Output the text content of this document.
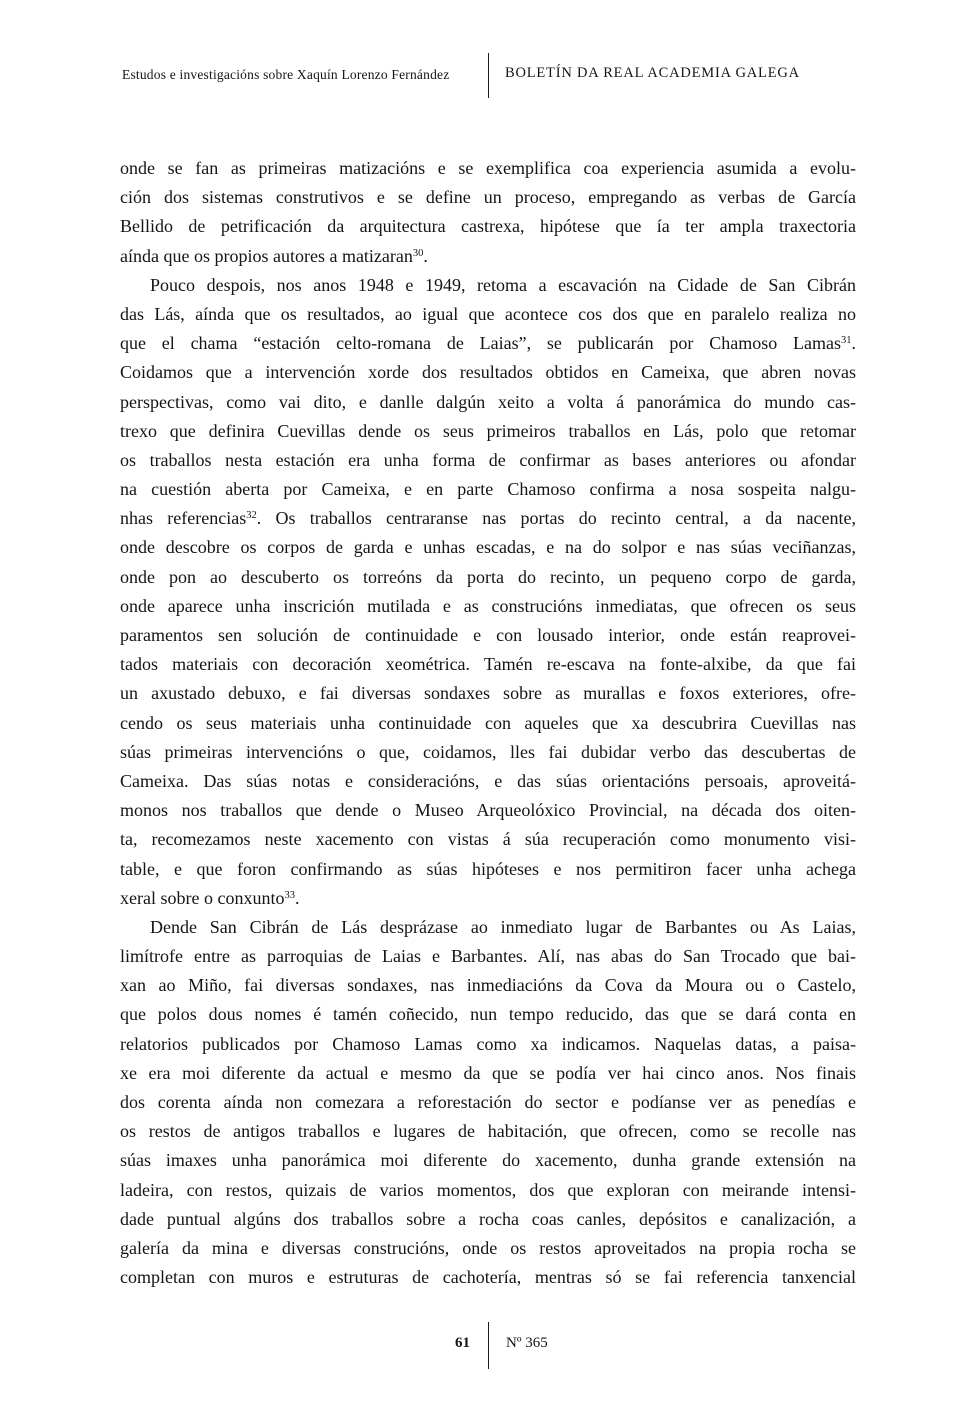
Estudos e investigacións sobre Xaquín Lorenzo Fernández	BOLETÍN DA REAL ACADEMIA GALEGA
onde se fan as primeiras matizacións e se exemplifica coa experiencia asumida a evolu-
ción dos sistemas construtivos e se define un proceso, empregando as verbas de García
Bellido de petrificación da arquitectura castrexa, hipótese que ía ter ampla traxectoria
aínda que os propios autores a matizaran$^{30}$.
Pouco despois, nos anos 1948 e 1949, retoma a escavación na Cidade de San Cibrán
das Lás, aínda que os resultados, ao igual que acontece cos dos que en paralelo realiza no
que el chama “estación celto-romana de Laias”, se publicarán por Chamoso Lamas$^{31}$.
Coidamos que a intervención xorde dos resultados obtidos en Cameixa, que abren novas
perspectivas, como vai dito, e danlle dalgún xeito a volta á panorámica do mundo cas-
trexo que definira Cuevillas dende os seus primeiros traballos en Lás, polo que retomar
os traballos nesta estación era unha forma de confirmar as bases anteriores ou afondar
na cuestión aberta por Cameixa, e en parte Chamoso confirma a nosa sospeita nalgu-
nhas referencias$^{32}$. Os traballos centraranse nas portas do recinto central, a da nacente,
onde descobre os corpos de garda e unhas escadas, e na do solpor e nas súas veciñanzas,
onde pon ao descuberto os torreóns da porta do recinto, un pequeno corpo de garda,
onde aparece unha inscrición mutilada e as construcións inmediatas, que ofrecen os seus
paramentos sen solución de continuidade e con lousado interior, onde están reaprovei-
tados materiais con decoración xeométrica. Tamén re-escava na fonte-alxibe, da que fai
un axustado debuxo, e fai diversas sondaxes sobre as murallas e foxos exteriores, ofre-
cendo os seus materiais unha continuidade con aqueles que xa descubrira Cuevillas nas
súas primeiras intervencións o que, coidamos, lles fai dubidar verbo das descubertas de
Cameixa. Das súas notas e consideracións, e das súas orientacións persoais, aproveitá-
monos nos traballos que dende o Museo Arqueolóxico Provincial, na década dos oiten-
ta, recomezamos neste xacemento con vistas á súa recuperación como monumento visi-
table, e que foron confirmando as súas hipóteses e nos permitiron facer unha achega
xeral sobre o conxunto$^{33}$.
Dende San Cibrán de Lás desprázase ao inmediato lugar de Barbantes ou As Laias,
limítrofe entre as parroquias de Laias e Barbantes. Alí, nas abas do San Trocado que bai-
xan ao Miño, fai diversas sondaxes, nas inmediacións da Cova da Moura ou o Castelo,
que polos dous nomes é tamén coñecido, nun tempo reducido, das que se dará conta en
relatorios publicados por Chamoso Lamas como xa indicamos. Naquelas datas, a paisa-
xe era moi diferente da actual e mesmo da que se podía ver hai cinco anos. Nos finais
dos corenta aínda non comezara a reforestación do sector e podíanse ver as penedías e
os restos de antigos traballos e lugares de habitación, que ofrecen, como se recolle nas
súas imaxes unha panorámica moi diferente do xacemento, dunha grande extensión na
ladeira, con restos, quizais de varios momentos, dos que exploran con meirande intensi-
dade puntual algúns dos traballos sobre a rocha coas canles, depósitos e canalización, a
galería da mina e diversas construcións, onde os restos aproveitados na propia rocha se
completan con muros e estruturas de cachotería, mentras só se fai referencia tanxencial
61 Nº 365
